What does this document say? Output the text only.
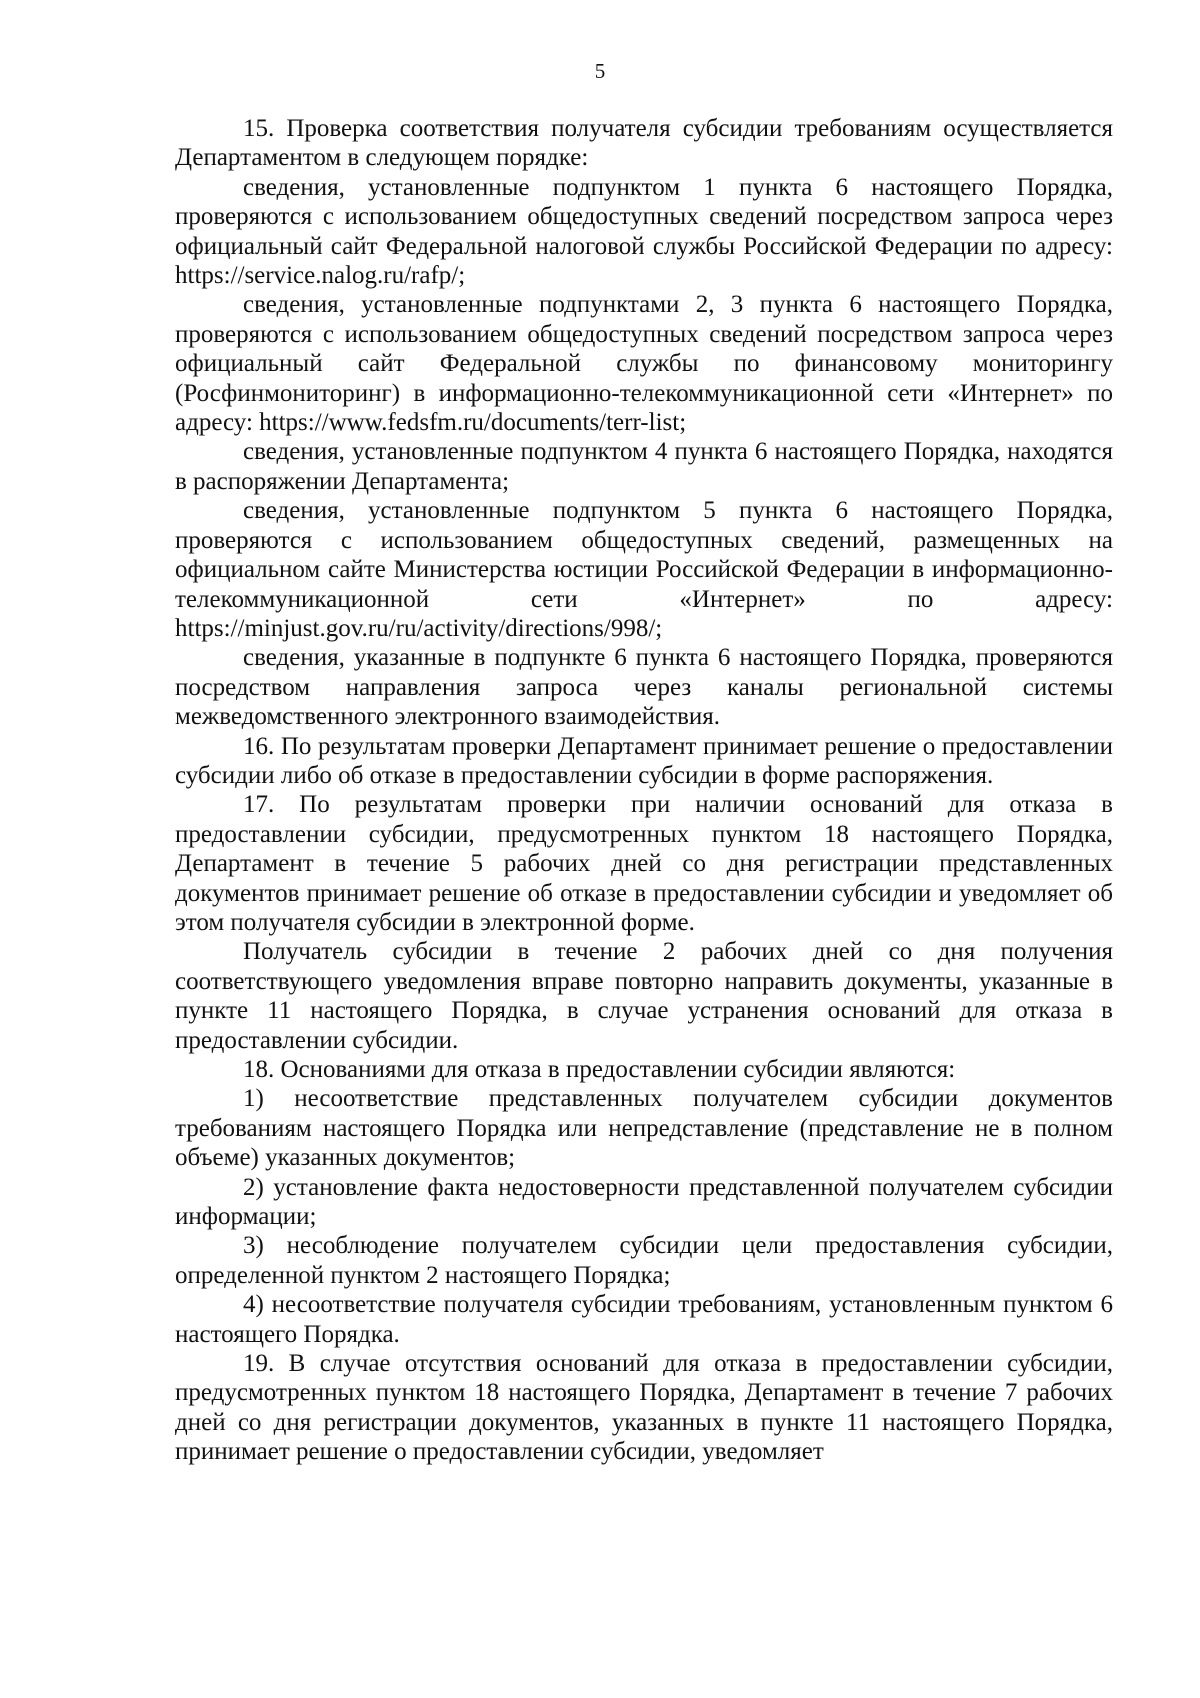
5

15. Проверка соответствия получателя субсидии требованиям осуществляется Департаментом в следующем порядке:

сведения, установленные подпунктом 1 пункта 6 настоящего Порядка, проверяются с использованием общедоступных сведений посредством запроса через официальный сайт Федеральной налоговой службы Российской Федерации по адресу: https://service.nalog.ru/rafp/;

сведения, установленные подпунктами 2, 3 пункта 6 настоящего Порядка, проверяются с использованием общедоступных сведений посредством запроса через официальный сайт Федеральной службы по финансовому мониторингу (Росфинмониторинг) в информационно-телекоммуникационной сети «Интернет» по адресу: https://www.fedsfm.ru/documents/terr-list;

сведения, установленные подпунктом 4 пункта 6 настоящего Порядка, находятся в распоряжении Департамента;

сведения, установленные подпунктом 5 пункта 6 настоящего Порядка, проверяются с использованием общедоступных сведений, размещенных на официальном сайте Министерства юстиции Российской Федерации в информационно-телекоммуникационной сети «Интернет» по адресу: https://minjust.gov.ru/ru/activity/directions/998/;

сведения, указанные в подпункте 6 пункта 6 настоящего Порядка, проверяются посредством направления запроса через каналы региональной системы межведомственного электронного взаимодействия.

16. По результатам проверки Департамент принимает решение о предоставлении субсидии либо об отказе в предоставлении субсидии в форме распоряжения.

17. По результатам проверки при наличии оснований для отказа в предоставлении субсидии, предусмотренных пунктом 18 настоящего Порядка, Департамент в течение 5 рабочих дней со дня регистрации представленных документов принимает решение об отказе в предоставлении субсидии и уведомляет об этом получателя субсидии в электронной форме.

Получатель субсидии в течение 2 рабочих дней со дня получения соответствующего уведомления вправе повторно направить документы, указанные в пункте 11 настоящего Порядка, в случае устранения оснований для отказа в предоставлении субсидии.

18. Основаниями для отказа в предоставлении субсидии являются:

1) несоответствие представленных получателем субсидии документов требованиям настоящего Порядка или непредставление (представление не в полном объеме) указанных документов;

2) установление факта недостоверности представленной получателем субсидии информации;

3) несоблюдение получателем субсидии цели предоставления субсидии, определенной пунктом 2 настоящего Порядка;

4) несоответствие получателя субсидии требованиям, установленным пунктом 6 настоящего Порядка.

19. В случае отсутствия оснований для отказа в предоставлении субсидии, предусмотренных пунктом 18 настоящего Порядка, Департамент в течение 7 рабочих дней со дня регистрации документов, указанных в пункте 11 настоящего Порядка, принимает решение о предоставлении субсидии, уведомляет
